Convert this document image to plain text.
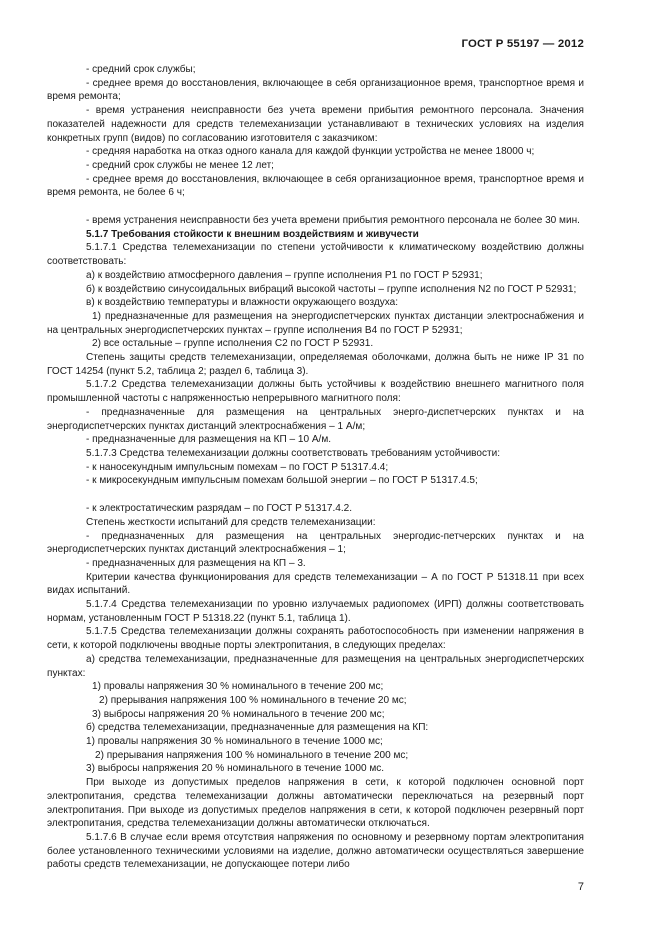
ГОСТ Р 55197 — 2012

- средний срок службы;

- среднее время до восстановления, включающее в себя организационное время, транспортное время и время ремонта;

- время устранения неисправности без учета времени прибытия ремонтного персонала. Значения показателей надежности для средств телемеханизации устанавливают в технических условиях на изделия конкретных групп (видов) по согласованию изготовителя с заказчиком:

- средняя наработка на отказ одного канала для каждой функции устройства не менее 18000 ч;

- средний срок службы не менее 12 лет;

- среднее время до восстановления, включающее в себя организационное время, транспортное время и время ремонта, не более 6 ч;

- время устранения неисправности без учета времени прибытия ремонтного персонала не более 30 мин.

5.1.7 Требования стойкости к внешним воздействиям и живучести

5.1.7.1 Средства телемеханизации по степени устойчивости к климатическому воздействию должны соответствовать:

а) к воздействию атмосферного давления – группе исполнения Р1 по ГОСТ Р 52931;

б) к воздействию синусоидальных вибраций высокой частоты – группе исполнения N2 по ГОСТ Р 52931;

в) к воздействию температуры и влажности окружающего воздуха:

1) предназначенные для размещения на энергодиспетчерских пунктах дистанции электроснабжения и на центральных энергодиспетчерских пунктах – группе исполнения В4 по ГОСТ Р 52931;

2) все остальные – группе исполнения С2 по ГОСТ Р 52931.

Степень защиты средств телемеханизации, определяемая оболочками, должна быть не ниже IP 31 по ГОСТ 14254 (пункт 5.2, таблица 2; раздел 6, таблица 3).

5.1.7.2 Средства телемеханизации должны быть устойчивы к воздействию внешнего магнитного поля промышленной частоты с напряженностью непрерывного магнитного поля:

- предназначенные для размещения на центральных энерго-диспетчерских пунктах и на энергодиспетчерских пунктах дистанций электроснабжения – 1 А/м;

- предназначенные для размещения на КП – 10 А/м.

5.1.7.3 Средства телемеханизации должны соответствовать требованиям устойчивости:

- к наносекундным импульсным помехам – по ГОСТ Р 51317.4.4;

- к микросекундным импульсным помехам большой энергии – по ГОСТ Р 51317.4.5;

- к электростатическим разрядам – по ГОСТ Р 51317.4.2.

Степень жесткости испытаний для средств телемеханизации:

- предназначенных для размещения на центральных энергодис-петчерских пунктах и на энергодиспетчерских пунктах дистанций электроснабжения – 1;

- предназначенных для размещения на КП – 3.

Критерии качества функционирования для средств телемеханизации – А по ГОСТ Р 51318.11 при всех видах испытаний.

5.1.7.4 Средства телемеханизации по уровню излучаемых радиопомех (ИРП) должны соответствовать нормам, установленным ГОСТ Р 51318.22 (пункт 5.1, таблица 1).

5.1.7.5 Средства телемеханизации должны сохранять работоспособность при изменении напряжения в сети, к которой подключены вводные порты электропитания, в следующих пределах:

а) средства телемеханизации, предназначенные для размещения на центральных энергодиспетчерских пунктах:

1) провалы напряжения 30 % номинального в течение 200 мс;

2) прерывания напряжения 100 % номинального в течение 20 мс;

3) выбросы напряжения 20 % номинального в течение 200 мс;

б) средства телемеханизации, предназначенные для размещения на КП:

1) провалы напряжения 30 % номинального в течение 1000 мс;

2) прерывания напряжения 100 % номинального в течение 200 мс;

3) выбросы напряжения 20 % номинального в течение 1000 мс.

При выходе из допустимых пределов напряжения в сети, к которой подключен основной порт электропитания, средства телемеханизации должны автоматически переключаться на резервный порт электропитания. При выходе из допустимых пределов напряжения в сети, к которой подключен резервный порт электропитания, средства телемеханизации должны автоматически отключаться.

5.1.7.6 В случае если время отсутствия напряжения по основному и резервному портам электропитания более установленного техническими условиями на изделие, должно автоматически осуществляться завершение работы средств телемеханизации, не допускающее потери либо

7
